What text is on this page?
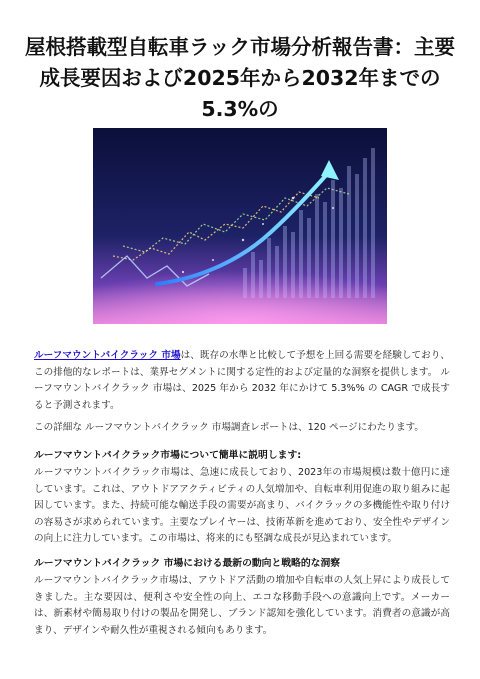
屋根搭載型自転車ラック市場分析報告書：主要
成長要因および2025年から2032年までの5.3%の

ルーフマウントバイクラック 市場は、既存の水準と比較して予想を上回る需要を経験しており、この排他的なレポートは、業界セグメントに関する定性的および定量的な洞察を提供します。 ルーフマウントバイクラック 市場は、2025 年から 2032 年にかけて 5.3%% の CAGR で成長すると予測されます。

この詳細な ルーフマウントバイクラック 市場調査レポートは、120 ページにわたります。

ルーフマウントバイクラック市場について簡単に説明します:

ルーフマウントバイクラック市場は、急速に成長しており、2023年の市場規模は数十億円に達しています。これは、アウトドアアクティビティの人気増加や、自転車利用促進の取り組みに起因しています。また、持続可能な輸送手段の需要が高まり、バイクラックの多機能性や取り付けの容易さが求められています。主要なプレイヤーは、技術革新を進めており、安全性やデザインの向上に注力しています。この市場は、将来的にも堅調な成長が見込まれています。

ルーフマウントバイクラック 市場における最新の動向と戦略的な洞察

ルーフマウントバイクラック市場は、アウトドア活動の増加や自転車の人気上昇により成長してきました。主な要因は、便利さや安全性の向上、エコな移動手段への意識向上です。メーカーは、新素材や簡易取り付けの製品を開発し、ブランド認知を強化しています。消費者の意識が高まり、デザインや耐久性が重視される傾向もあります。
